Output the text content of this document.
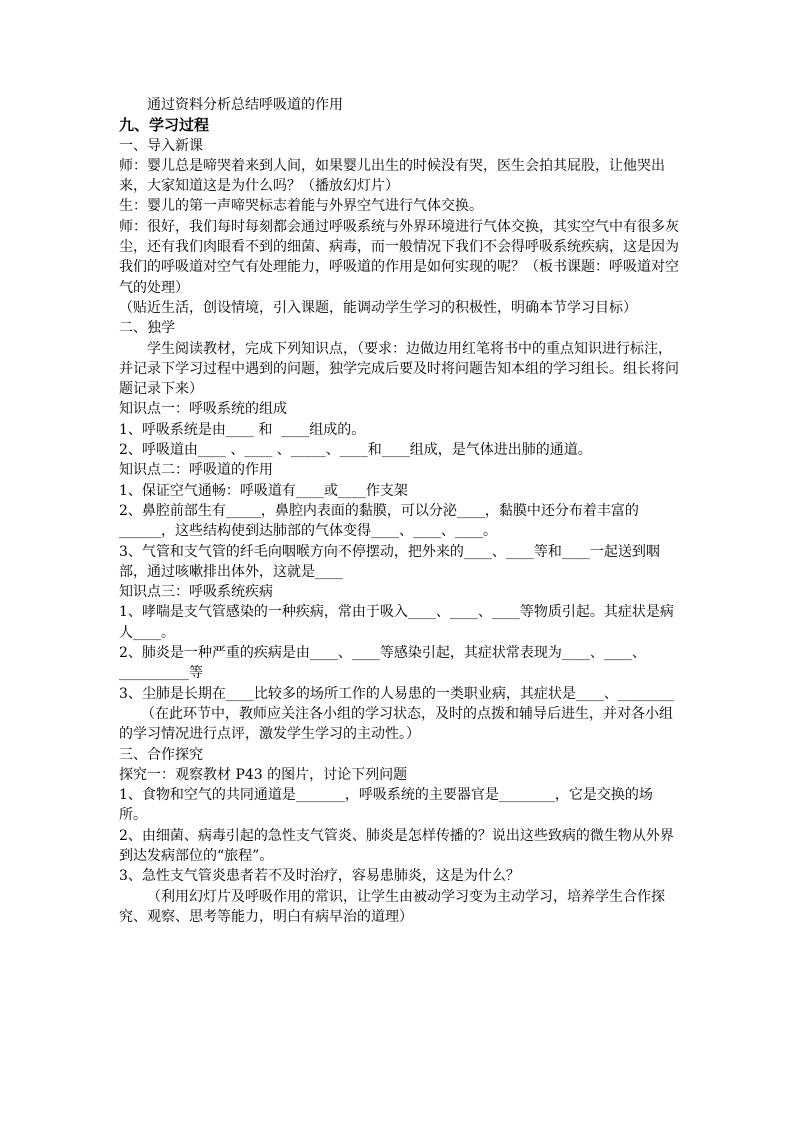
通过资料分析总结呼吸道的作用

九、学习过程

一、导入新课

师：婴儿总是啼哭着来到人间，如果婴儿出生的时候没有哭，医生会拍其屁股，让他哭出来，大家知道这是为什么吗？（播放幻灯片）

生：婴儿的第一声啼哭标志着能与外界空气进行气体交换。

师：很好，我们每时每刻都会通过呼吸系统与外界环境进行气体交换，其实空气中有很多灰尘，还有我们肉眼看不到的细菌、病毒，而一般情况下我们不会得呼吸系统疾病，这是因为我们的呼吸道对空气有处理能力，呼吸道的作用是如何实现的呢？（板书课题：呼吸道对空气的处理）

（贴近生活，创设情境，引入课题，能调动学生学习的积极性，明确本节学习目标）

二、独学

学生阅读教材，完成下列知识点，（要求：边做边用红笔将书中的重点知识进行标注，并记录下学习过程中遇到的问题，独学完成后要及时将问题告知本组的学习组长。组长将问题记录下来）

知识点一：呼吸系统的组成

1、呼吸系统是由____ 和  ____组成的。

2、呼吸道由____ 、____ 、_____、____和____组成，是气体进出肺的通道。

知识点二：呼吸道的作用

1、保证空气通畅：呼吸道有____或____作支架

2、鼻腔前部生有_____，鼻腔内表面的黏膜，可以分泌____，黏膜中还分布着丰富的______，这些结构使到达肺部的气体变得____、____、____。

3、气管和支气管的纤毛向咽喉方向不停摆动，把外来的____、____等和____一起送到咽部，通过咳嗽排出体外，这就是____

知识点三：呼吸系统疾病

1、哮喘是支气管感染的一种疾病，常由于吸入____、____、____等物质引起。其症状是病人____。

2、肺炎是一种严重的疾病是由____、____等感染引起，其症状常表现为____、____、__________等

3、尘肺是长期在____比较多的场所工作的人易患的一类职业病，其症状是____、________

（在此环节中，教师应关注各小组的学习状态，及时的点拨和辅导后进生，并对各小组的学习情况进行点评，激发学生学习的主动性。）

三、合作探究

探究一：观察教材 P43 的图片，讨论下列问题

1、食物和空气的共同通道是_______，呼吸系统的主要器官是________，它是交换的场所。

2、由细菌、病毒引起的急性支气管炎、肺炎是怎样传播的？说出这些致病的微生物从外界到达发病部位的“旅程”。

3、急性支气管炎患者若不及时治疗，容易患肺炎，这是为什么？

（利用幻灯片及呼吸作用的常识，让学生由被动学习变为主动学习，培养学生合作探究、观察、思考等能力，明白有病早治的道理）
